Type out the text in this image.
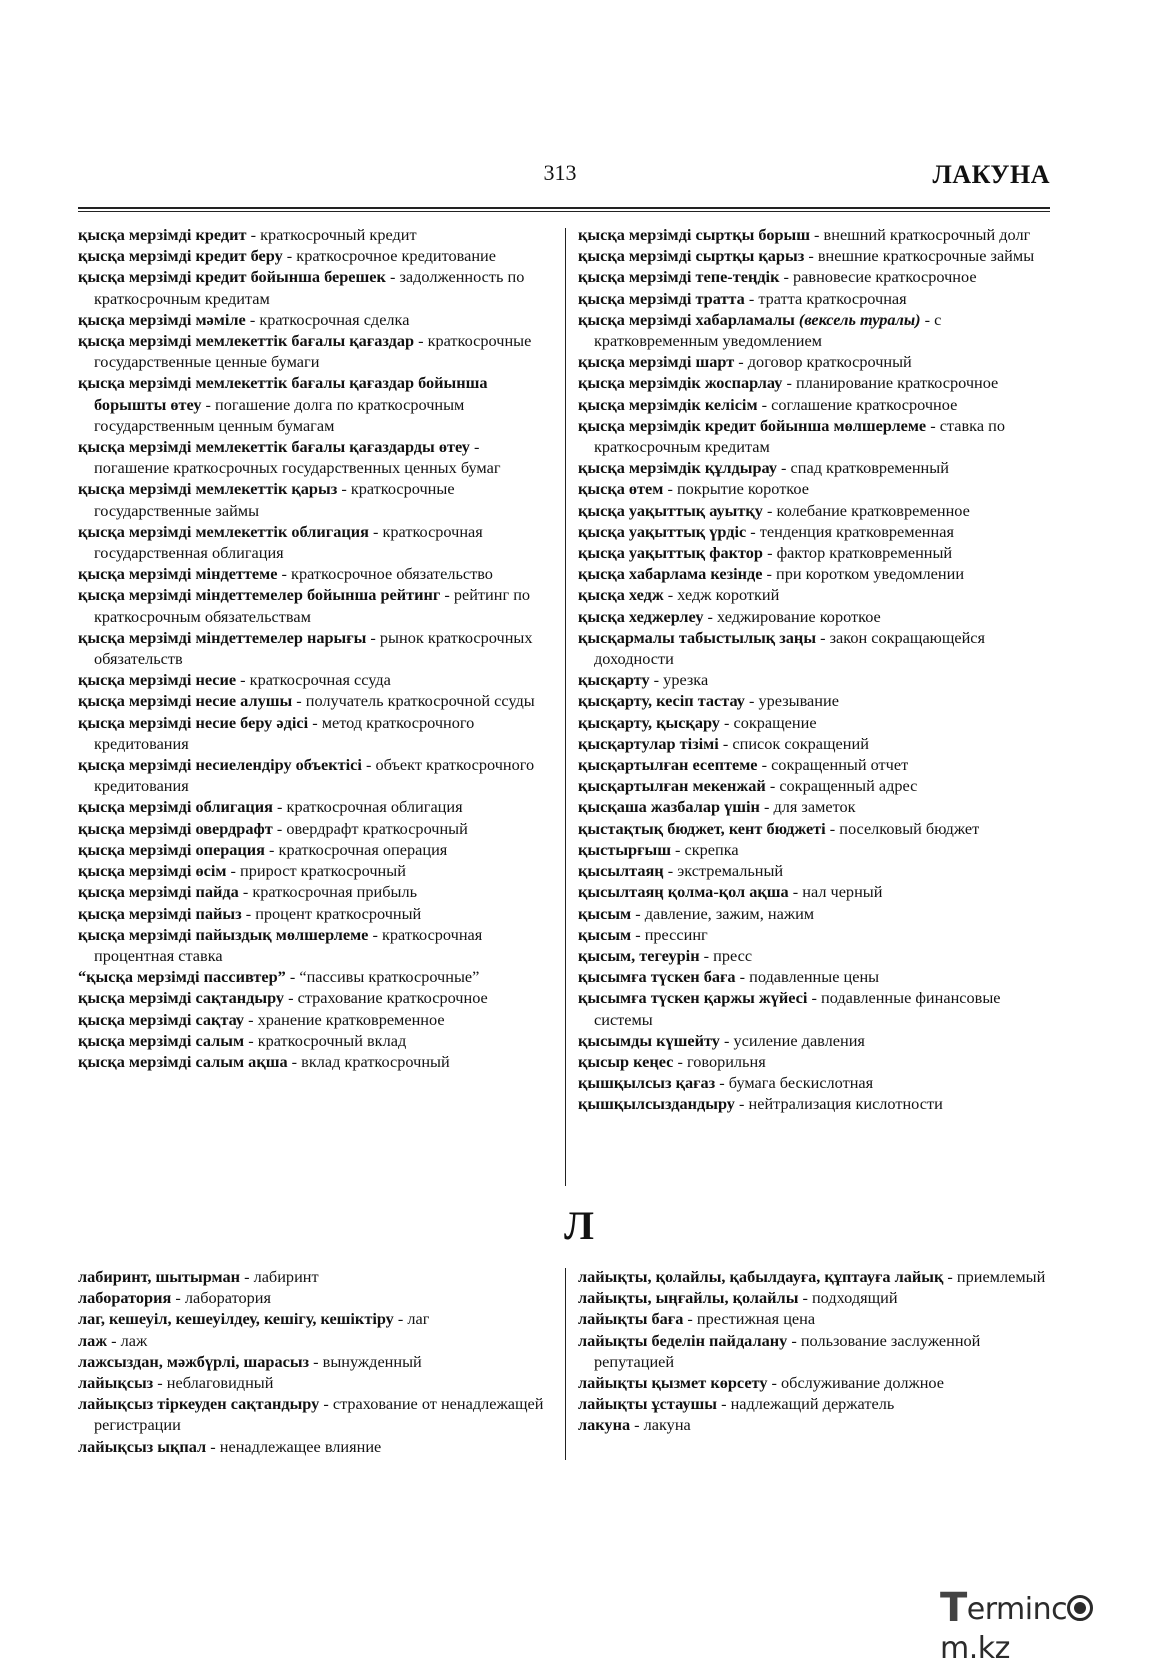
313	ЛАКУНА
қысқа мерзімді кредит - краткосрочный кредит
қысқа мерзімді кредит беру - краткосрочное кредитование
қысқа мерзімді кредит бойынша берешек - задолженность по краткосрочным кредитам
қысқа мерзімді мәміле - краткосрочная сделка
қысқа мерзімді мемлекеттік бағалы қағаздар - краткосрочные государственные ценные бумаги
қысқа мерзімді мемлекеттік бағалы қағаздар бойынша борышты өтеу - погашение долга по краткосрочным государственным ценным бумагам
қысқа мерзімді мемлекеттік бағалы қағаздарды өтеу - погашение краткосрочных государственных ценных бумаг
қысқа мерзімді мемлекеттік қарыз - краткосрочные государственные займы
қысқа мерзімді мемлекеттік облигация - краткосрочная государственная облигация
қысқа мерзімді міндеттеме - краткосрочное обязательство
қысқа мерзімді міндеттемелер бойынша рейтинг - рейтинг по краткосрочным обязательствам
қысқа мерзімді міндеттемелер нарығы - рынок краткосрочных обязательств
қысқа мерзімді несие - краткосрочная ссуда
қысқа мерзімді несие алушы - получатель краткосрочной ссуды
қысқа мерзімді несие беру әдісі - метод краткосрочного кредитования
қысқа мерзімді несиелендіру объектісі - объект краткосрочного кредитования
қысқа мерзімді облигация - краткосрочная облигация
қысқа мерзімді овердрафт - овердрафт краткосрочный
қысқа мерзімді операция - краткосрочная операция
қысқа мерзімді өсім - прирост краткосрочный
қысқа мерзімді пайда - краткосрочная прибыль
қысқа мерзімді пайыз - процент краткосрочный
қысқа мерзімді пайыздық мөлшерлеме - краткосрочная процентная ставка
“қысқа мерзімді пассивтер” - “пассивы краткосрочные”
қысқа мерзімді сақтандыру - страхование краткосрочное
қысқа мерзімді сақтау - хранение кратковременное
қысқа мерзімді салым - краткосрочный вклад
қысқа мерзімді салым ақша - вклад краткосрочный
қысқа мерзімді сыртқы борыш - внешний краткосрочный долг
қысқа мерзімді сыртқы қарыз - внешние краткосрочные займы
қысқа мерзімді тепе-теңдік - равновесие краткосрочное
қысқа мерзімді тратта - тратта краткосрочная
қысқа мерзімді хабарламалы (вексель туралы) - с кратковременным уведомлением
қысқа мерзімді шарт - договор краткосрочный
қысқа мерзімдік жоспарлау - планирование краткосрочное
қысқа мерзімдік келісім - соглашение краткосрочное
қысқа мерзімдік кредит бойынша мөлшерлеме - ставка по краткосрочным кредитам
қысқа мерзімдік құлдырау - спад кратковременный
қысқа өтем - покрытие короткое
қысқа уақыттық ауытқу - колебание кратковременное
қысқа уақыттық үрдіс - тенденция кратковременная
қысқа уақыттық фактор - фактор кратковременный
қысқа хабарлама кезінде - при коротком уведомлении
қысқа хедж - хедж короткий
қысқа хеджерлеу - хеджирование короткое
қысқармалы табыстылық заңы - закон сокращающейся доходности
қысқарту - урезка
қысқарту, кесіп тастау - урезывание
қысқарту, қысқару - сокращение
қысқартулар тізімі - список сокращений
қысқартылған есептеме - сокращенный отчет
қысқартылған мекенжай - сокращенный адрес
қысқаша жазбалар үшін - для заметок
қыстақтық бюджет, кент бюджеті - поселковый бюджет
қыстырғыш - скрепка
қысылтаяң - экстремальный
қысылтаяң қолма-қол ақша - нал черный
қысым - давление, зажим, нажим
қысым - прессинг
қысым, тегеурін - пресс
қысымға түскен баға - подавленные цены
қысымға түскен қаржы жүйесі - подавленные финансовые системы
қысымды күшейту - усиление давления
қысыр кеңес - говорильня
қышқылсыз қағаз - бумага бескислотная
қышқылсыздандыру - нейтрализация кислотности
Л
лабиринт, шытырман - лабиринт
лаборатория - лаборатория
лаг, кешеуіл, кешеуілдеу, кешігу, кешіктіру - лаг
лаж - лаж
лажсыздан, мәжбүрлі, шарасыз - вынужденный
лайықсыз - неблаговидный
лайықсыз тіркеуден сақтандыру - страхование от ненадлежащей регистрации
лайықсыз ықпал - ненадлежащее влияние
лайықты, қолайлы, қабылдауға, құптауға лайық - приемлемый
лайықты, ыңғайлы, қолайлы - подходящий
лайықты баға - престижная цена
лайықты беделін пайдалану - пользование заслуженной репутацией
лайықты қызмет көрсету - обслуживание должное
лайықты ұстаушы - надлежащий держатель
лакуна - лакуна
Termincm.kz
